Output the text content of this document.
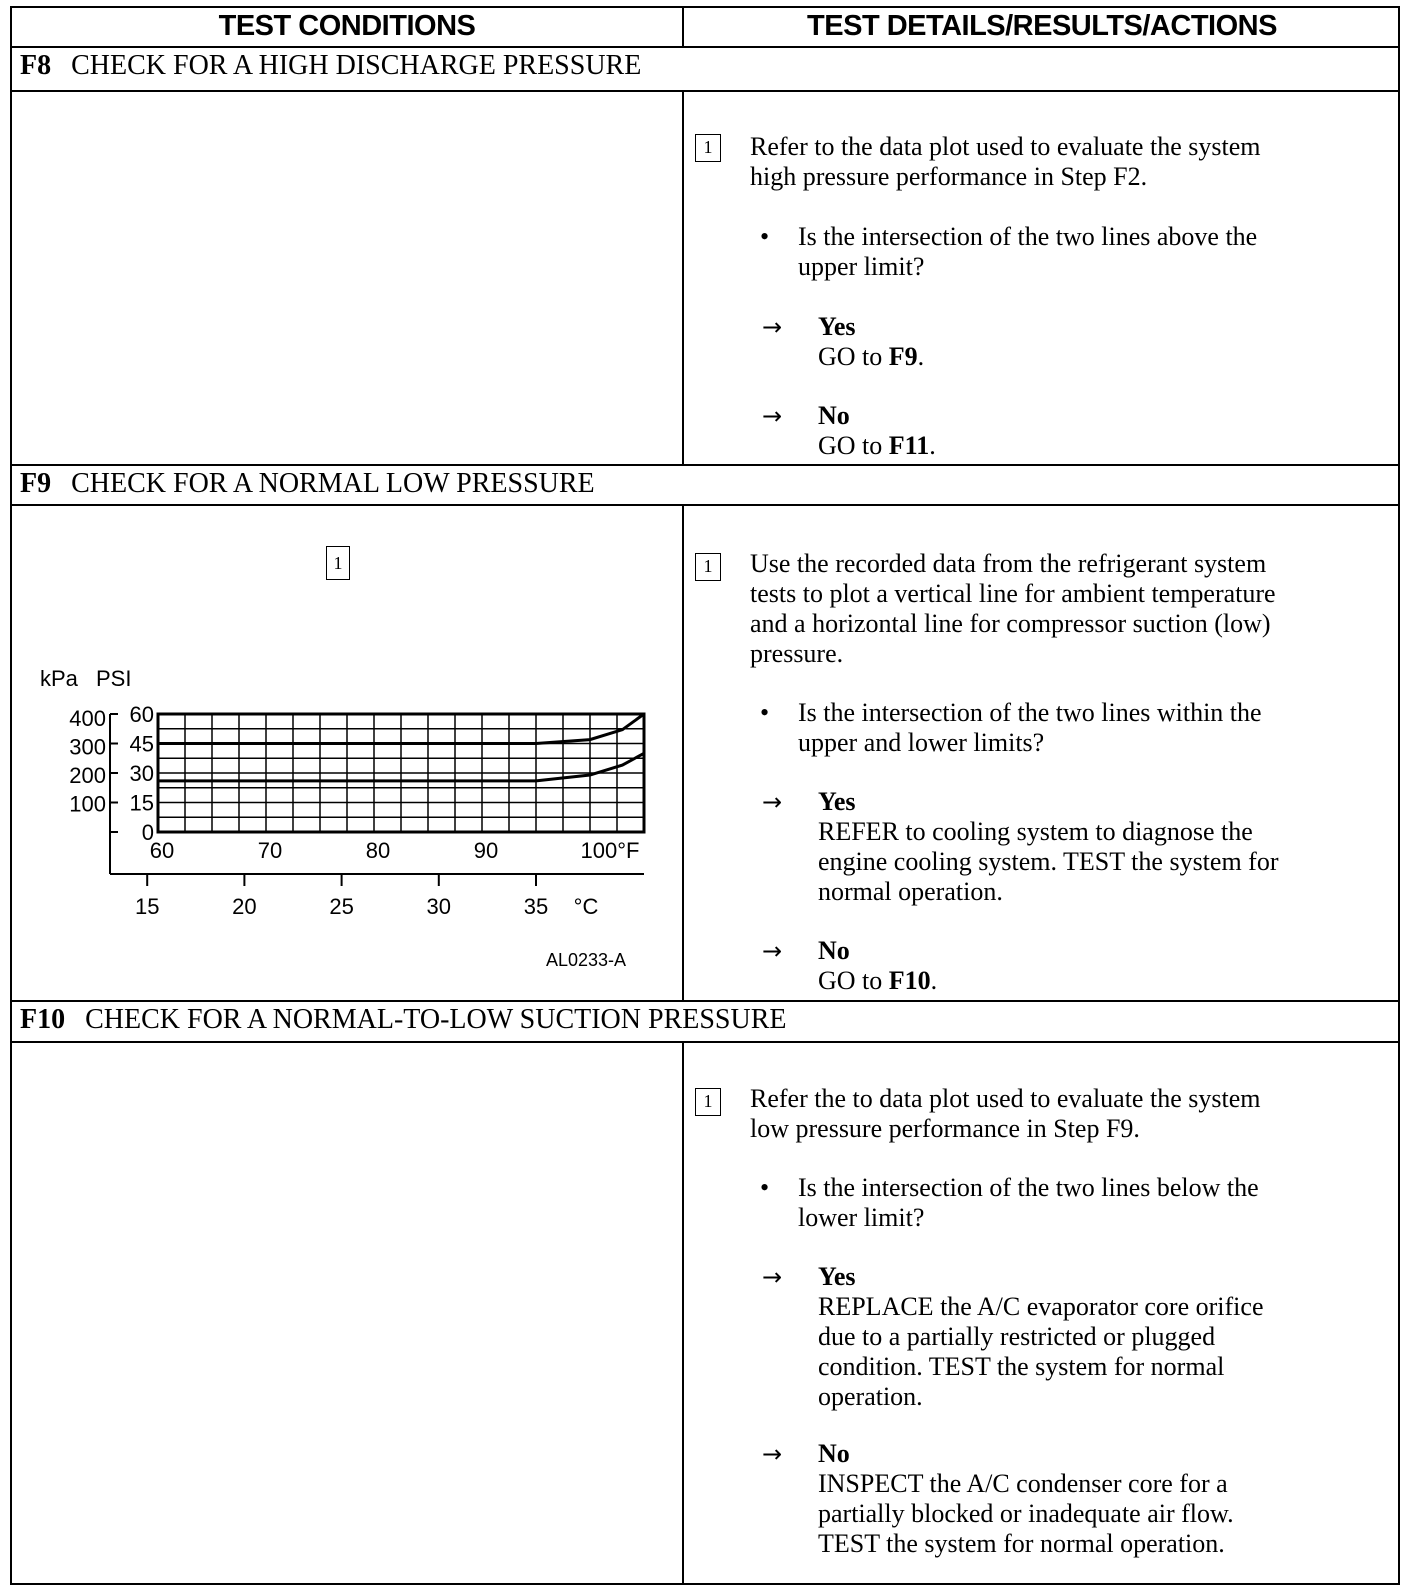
TEST CONDITIONS	TEST DETAILS/RESULTS/ACTIONS
F8 CHECK FOR A HIGH DISCHARGE PRESSURE
1	Refer to the data plot used to evaluate the system
high pressure performance in Step F2.
• Is the intersection of the two lines above the
upper limit?
→ Yes
GO to F9.
→ No
GO to F11.
F9 CHECK FOR A NORMAL LOW PRESSURE
1
60
45
30
15
0
400
300
200
100
60	70	80	90	100°F
15	20	25	30	35 °C
kPa PSI
AL0233-A
1	Use the recorded data from the refrigerant system
tests to plot a vertical line for ambient temperature
and a horizontal line for compressor suction (low)
pressure.
• Is the intersection of the two lines within the
upper and lower limits?
→ Yes
REFER to cooling system to diagnose the
engine cooling system. TEST the system for
normal operation.
→ No
GO to F10.
F10 CHECK FOR A NORMAL-TO-LOW SUCTION PRESSURE
1	Refer the to data plot used to evaluate the system
low pressure performance in Step F9.
• Is the intersection of the two lines below the
lower limit?
→ Yes
REPLACE the A/C evaporator core orifice
due to a partially restricted or plugged
condition. TEST the system for normal
operation.
→ No
INSPECT the A/C condenser core for a
partially blocked or inadequate air flow.
TEST the system for normal operation.
